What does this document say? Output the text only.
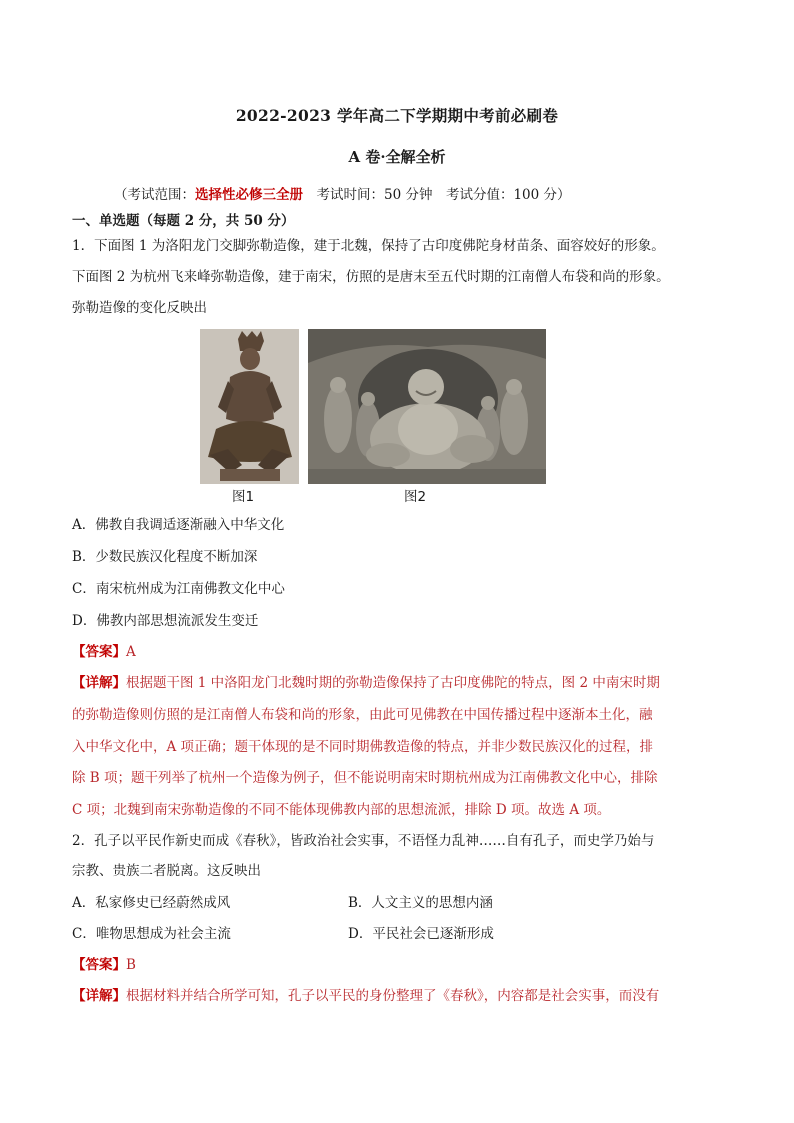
2022-2023 学年高二下学期期中考前必刷卷
A 卷·全解全析
（考试范围：选择性必修三全册　考试时间：50 分钟　考试分值：100 分）
一、单选题（每题 2 分，共 50 分）
1．下面图 1 为洛阳龙门交脚弥勒造像，建于北魏，保持了古印度佛陀身材苗条、面容姣好的形象。
下面图 2 为杭州飞来峰弥勒造像，建于南宋，仿照的是唐末至五代时期的江南僧人布袋和尚的形象。
弥勒造像的变化反映出
图1	图2
A．佛教自我调适逐渐融入中华文化
B．少数民族汉化程度不断加深
C．南宋杭州成为江南佛教文化中心
D．佛教内部思想流派发生变迁
【答案】A
【详解】根据题干图 1 中洛阳龙门北魏时期的弥勒造像保持了古印度佛陀的特点，图 2 中南宋时期
的弥勒造像则仿照的是江南僧人布袋和尚的形象，由此可见佛教在中国传播过程中逐渐本土化，融
入中华文化中，A 项正确；题干体现的是不同时期佛教造像的特点，并非少数民族汉化的过程，排
除 B 项；题干列举了杭州一个造像为例子，但不能说明南宋时期杭州成为江南佛教文化中心，排除
C 项；北魏到南宋弥勒造像的不同不能体现佛教内部的思想流派，排除 D 项。故选 A 项。
2．孔子以平民作新史而成《春秋》，皆政治社会实事，不语怪力乱神……自有孔子，而史学乃始与
宗教、贵族二者脱离。这反映出
A．私家修史已经蔚然成风	B．人文主义的思想内涵
C．唯物思想成为社会主流	D．平民社会已逐渐形成
【答案】B
【详解】根据材料并结合所学可知，孔子以平民的身份整理了《春秋》，内容都是社会实事，而没有
